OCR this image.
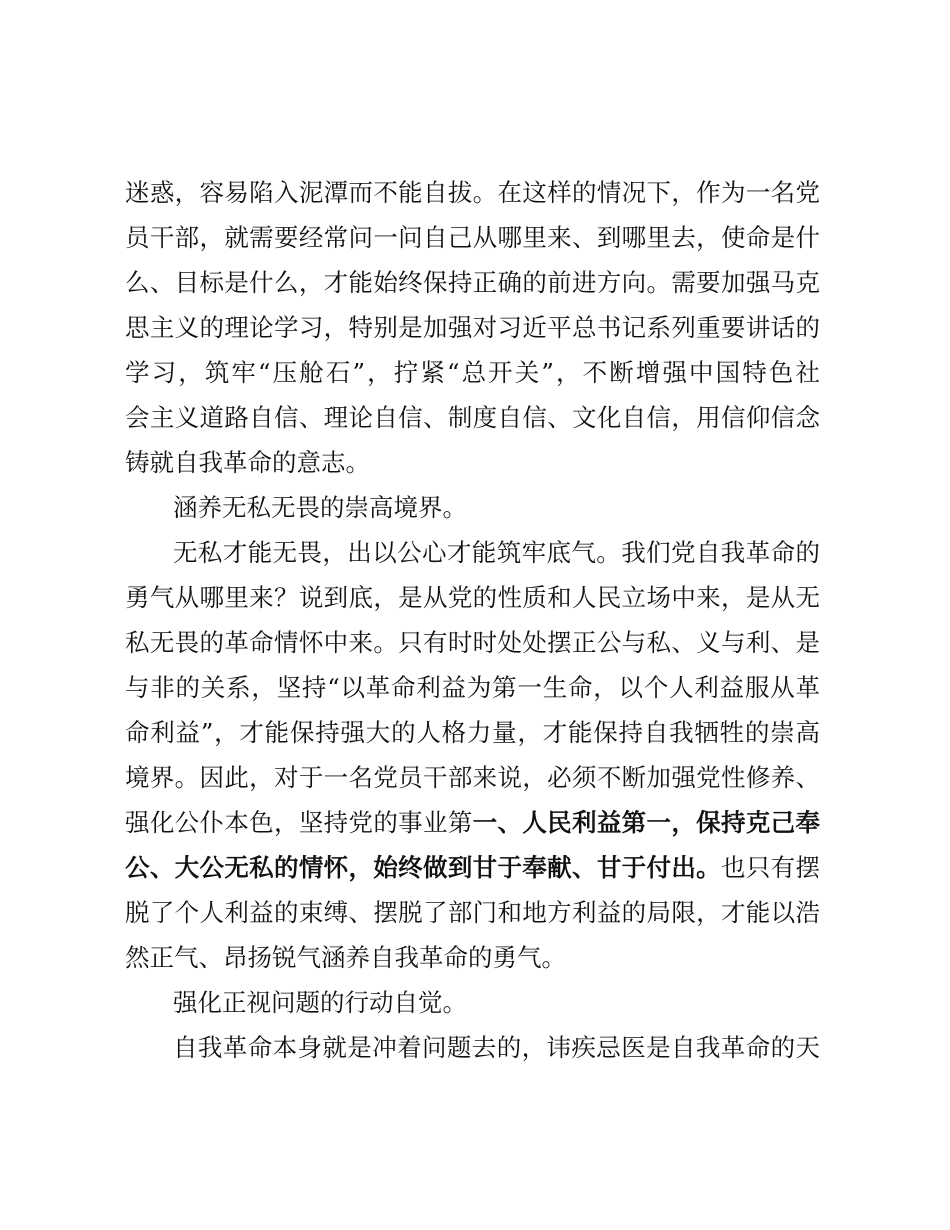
迷惑，容易陷入泥潭而不能自拔。在这样的情况下，作为一名党
员干部，就需要经常问一问自己从哪里来、到哪里去，使命是什
么、目标是什么，才能始终保持正确的前进方向。需要加强马克
思主义的理论学习，特别是加强对习近平总书记系列重要讲话的
学习，筑牢“压舱石”，拧紧“总开关”，不断增强中国特色社
会主义道路自信、理论自信、制度自信、文化自信，用信仰信念
铸就自我革命的意志。
涵养无私无畏的崇高境界。
无私才能无畏，出以公心才能筑牢底气。我们党自我革命的
勇气从哪里来？说到底，是从党的性质和人民立场中来，是从无
私无畏的革命情怀中来。只有时时处处摆正公与私、义与利、是
与非的关系，坚持“以革命利益为第一生命，以个人利益服从革
命利益”，才能保持强大的人格力量，才能保持自我牺牲的崇高
境界。因此，对于一名党员干部来说，必须不断加强党性修养、
强化公仆本色，坚持党的事业第一、人民利益第一，保持克己奉
公、大公无私的情怀，始终做到甘于奉献、甘于付出。也只有摆
脱了个人利益的束缚、摆脱了部门和地方利益的局限，才能以浩
然正气、昂扬锐气涵养自我革命的勇气。
强化正视问题的行动自觉。
自我革命本身就是冲着问题去的，讳疾忌医是自我革命的天
